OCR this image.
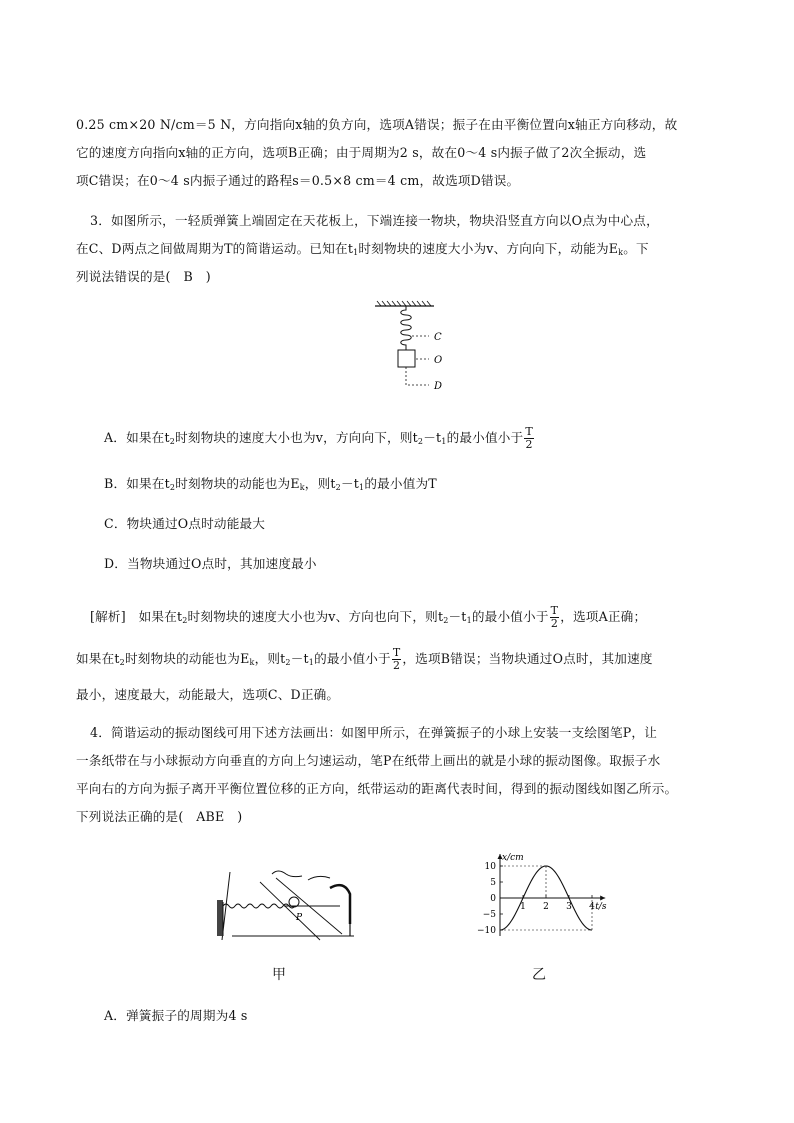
0.25 cm×20 N/cm＝5 N，方向指向x轴的负方向，选项A错误；振子在由平衡位置向x轴正方向移动，故
它的速度方向指向x轴的正方向，选项B正确；由于周期为2 s，故在0～4 s内振子做了2次全振动，选
项C错误；在0～4 s内振子通过的路程s＝0.5×8 cm＝4 cm，故选项D错误。
3．如图所示，一轻质弹簧上端固定在天花板上，下端连接一物块，物块沿竖直方向以O点为中心点，
在C、D两点之间做周期为T的简谐运动。已知在$t_1$时刻物块的速度大小为v、方向向下，动能为$E_k$。下
列说法错误的是(　B　)
C
O
D
A．如果在$t_2$时刻物块的速度大小也为v，方向向下，则$t_2-t_1$的最小值小于 $\frac{T}{2}$
B．如果在$t_2$时刻物块的动能也为$E_k$，则$t_2-t_1$的最小值为T
C．物块通过O点时动能最大
D．当物块通过O点时，其加速度最小
[解析]　如果在$t_2$时刻物块的速度大小也为v、方向也向下，则$t_2-t_1$的最小值小于 $\frac{T}{2}$ ，选项A正确；
如果在$t_2$时刻物块的动能也为$E_k$，则$t_2-t_1$的最小值小于 $\frac{T}{2}$ ，选项B错误；当物块通过O点时，其加速度
最小，速度最大，动能最大，选项C、D正确。
4．简谐运动的振动图线可用下述方法画出：如图甲所示，在弹簧振子的小球上安装一支绘图笔P，让
一条纸带在与小球振动方向垂直的方向上匀速运动，笔P在纸带上画出的就是小球的振动图像。取振子水
平向右的方向为振子离开平衡位置位移的正方向，纸带运动的距离代表时间，得到的振动图线如图乙所示。
下列说法正确的是(　ABE　)
P
甲
x/cm
t/s
10
5
0
−5
−10
1 2 3 4
乙
A．弹簧振子的周期为4 s
